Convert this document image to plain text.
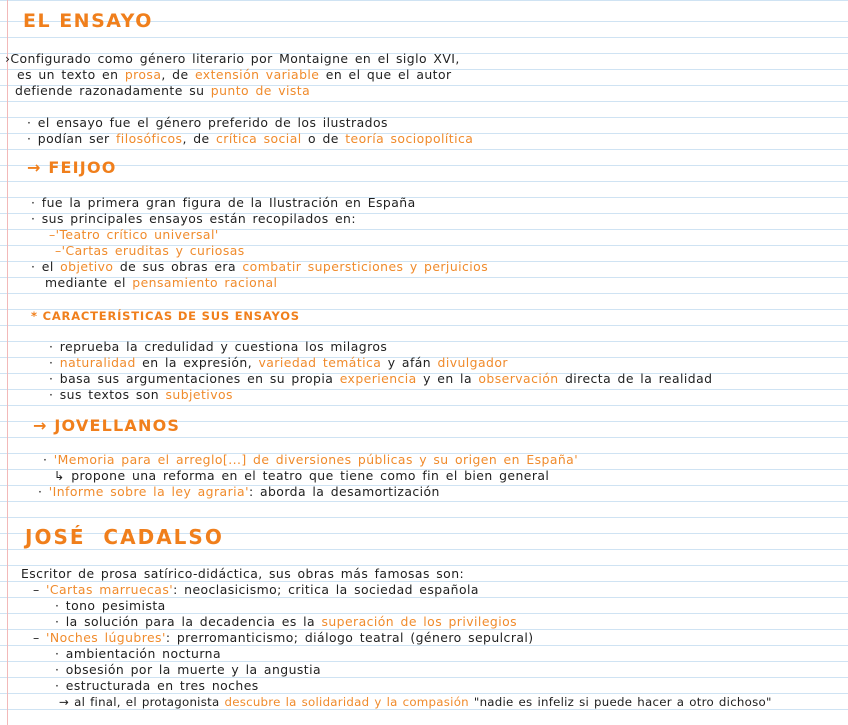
EL ENSAYO
›Configurado como género literario por Montaigne en el siglo XVI,
es un texto en prosa, de extensión variable en el que el autor
defiende razonadamente su punto de vista
· el ensayo fue el género preferido de los ilustrados
· podían ser filosóficos, de crítica social o de teoría sociopolítica
→ FEIJOO
· fue la primera gran figura de la Ilustración en España
· sus principales ensayos están recopilados en:
–'Teatro crítico universal'
–'Cartas eruditas y curiosas
· el objetivo de sus obras era combatir supersticiones y perjuicios
mediante el pensamiento racional
* CARACTERÍSTICAS DE SUS ENSAYOS
· reprueba la credulidad y cuestiona los milagros
· naturalidad en la expresión, variedad temática y afán divulgador
· basa sus argumentaciones en su propia experiencia y en la observación directa de la realidad
· sus textos son subjetivos
→ JOVELLANOS
· 'Memoria para el arreglo[...] de diversiones públicas y su origen en España'
↳ propone una reforma en el teatro que tiene como fin el bien general
· 'Informe sobre la ley agraria': aborda la desamortización
JOSÉ  CADALSO
Escritor de prosa satírico-didáctica, sus obras más famosas son:
– 'Cartas marruecas': neoclasicismo; critica la sociedad española
· tono pesimista
· la solución para la decadencia es la superación de los privilegios
– 'Noches lúgubres': prerromanticismo; diálogo teatral (género sepulcral)
· ambientación nocturna
· obsesión por la muerte y la angustia
· estructurada en tres noches
→ al final, el protagonista descubre la solidaridad y la compasión "nadie es infeliz si puede hacer a otro dichoso"
